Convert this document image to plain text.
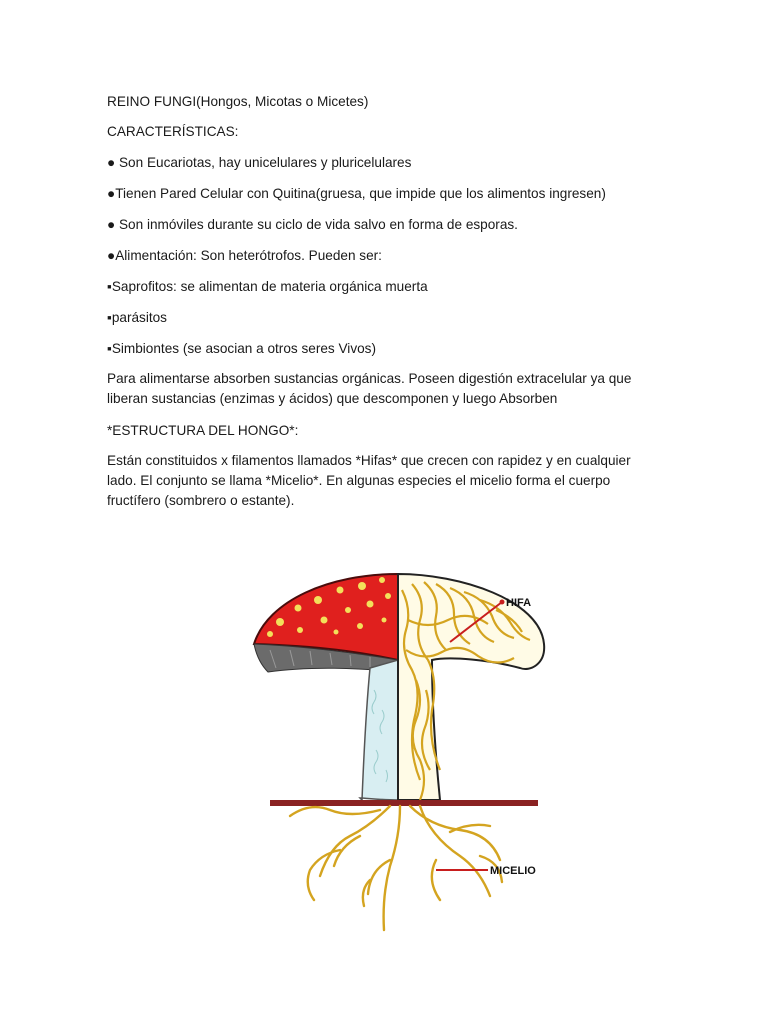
REINO FUNGI(Hongos, Micotas o Micetes)
CARACTERÍSTICAS:
● Son Eucariotas, hay unicelulares y pluricelulares
●Tienen Pared Celular con Quitina(gruesa, que impide que los alimentos ingresen)
● Son inmóviles durante su ciclo de vida salvo en forma de esporas.
●Alimentación: Son heterótrofos. Pueden ser:
▪Saprofitos: se alimentan de materia orgánica muerta
▪parásitos
▪Simbiontes (se asocian a otros seres Vivos)
Para alimentarse absorben sustancias orgánicas. Poseen digestión extracelular ya que
liberan sustancias (enzimas y ácidos) que descomponen y luego Absorben
*ESTRUCTURA DEL HONGO*:
Están constituidos x filamentos llamados *Hifas* que crecen con rapidez y en cualquier
lado. El conjunto se llama *Micelio*. En algunas especies el micelio forma el cuerpo
fructífero (sombrero o estante).
HIFA
MICELIO
